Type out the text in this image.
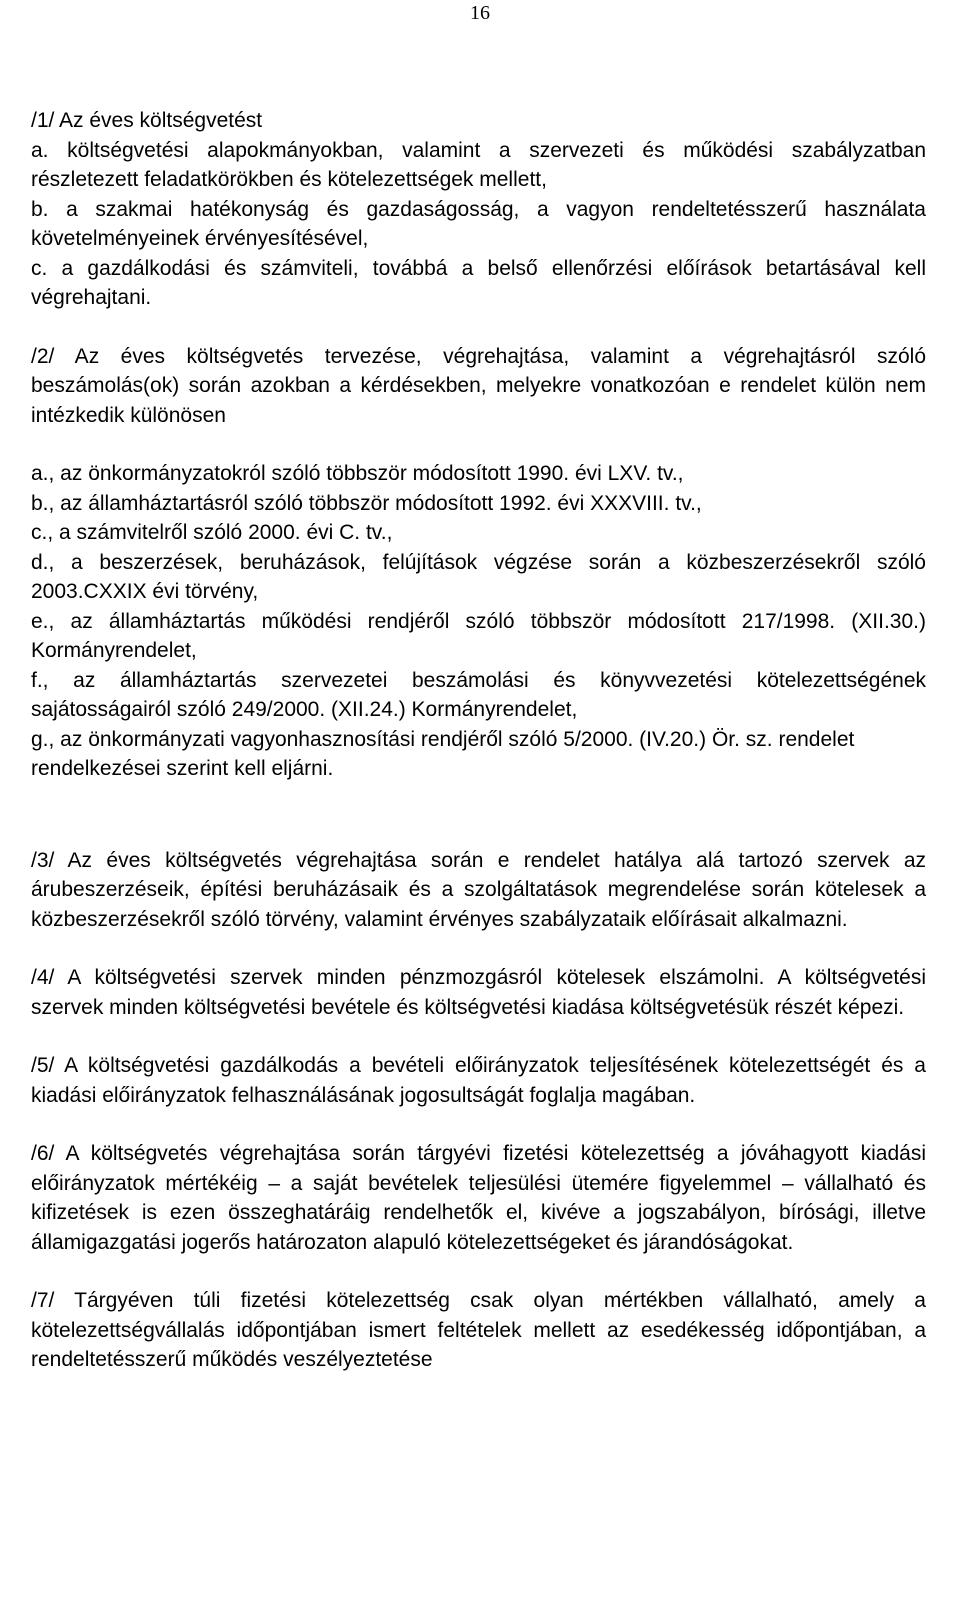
16

/1/ Az éves költségvetést

a. költségvetési alapokmányokban, valamint a szervezeti és működési szabályzatban részletezett feladatkörökben és kötelezettségek mellett,

b. a szakmai hatékonyság és gazdaságosság, a vagyon rendeltetésszerű használata követelményeinek érvényesítésével,

c. a gazdálkodási és számviteli, továbbá a belső ellenőrzési előírások betartásával kell végrehajtani.

/2/ Az éves költségvetés tervezése, végrehajtása, valamint a végrehajtásról szóló beszámolás(ok) során azokban a kérdésekben, melyekre vonatkozóan e rendelet külön nem intézkedik különösen

a., az önkormányzatokról szóló többször módosított 1990. évi LXV. tv.,

b., az államháztartásról szóló többször módosított 1992. évi XXXVIII. tv.,

c., a számvitelről szóló 2000. évi C. tv.,

d., a beszerzések, beruházások, felújítások végzése során a közbeszerzésekről szóló 2003.CXXIX évi törvény,

e., az államháztartás működési rendjéről szóló többször módosított 217/1998. (XII.30.) Kormányrendelet,

f., az államháztartás szervezetei beszámolási és könyvvezetési kötelezettségének sajátosságairól szóló 249/2000. (XII.24.) Kormányrendelet,

g., az önkormányzati vagyonhasznosítási rendjéről szóló 5/2000. (IV.20.) Ör. sz. rendelet

rendelkezései szerint kell eljárni.

/3/ Az éves költségvetés végrehajtása során e rendelet hatálya alá tartozó szervek az árubeszerzéseik, építési beruházásaik és a szolgáltatások megrendelése során kötelesek a közbeszerzésekről szóló törvény, valamint érvényes szabályzataik előírásait alkalmazni.

/4/ A költségvetési szervek minden pénzmozgásról kötelesek elszámolni. A költségvetési szervek minden költségvetési bevétele és költségvetési kiadása költségvetésük részét képezi.

/5/ A költségvetési gazdálkodás a bevételi előirányzatok teljesítésének kötelezettségét és a kiadási előirányzatok felhasználásának jogosultságát foglalja magában.

/6/ A költségvetés végrehajtása során tárgyévi fizetési kötelezettség a jóváhagyott kiadási előirányzatok mértékéig – a saját bevételek teljesülési ütemére figyelemmel – vállalható és kifizetések is ezen összeghatáráig rendelhetők el, kivéve a jogszabályon, bírósági, illetve államigazgatási jogerős határozaton alapuló kötelezettségeket és járandóságokat.

/7/ Tárgyéven túli fizetési kötelezettség csak olyan mértékben vállalható, amely a kötelezettségvállalás időpontjában ismert feltételek mellett az esedékesség időpontjában, a rendeltetésszerű működés veszélyeztetése
